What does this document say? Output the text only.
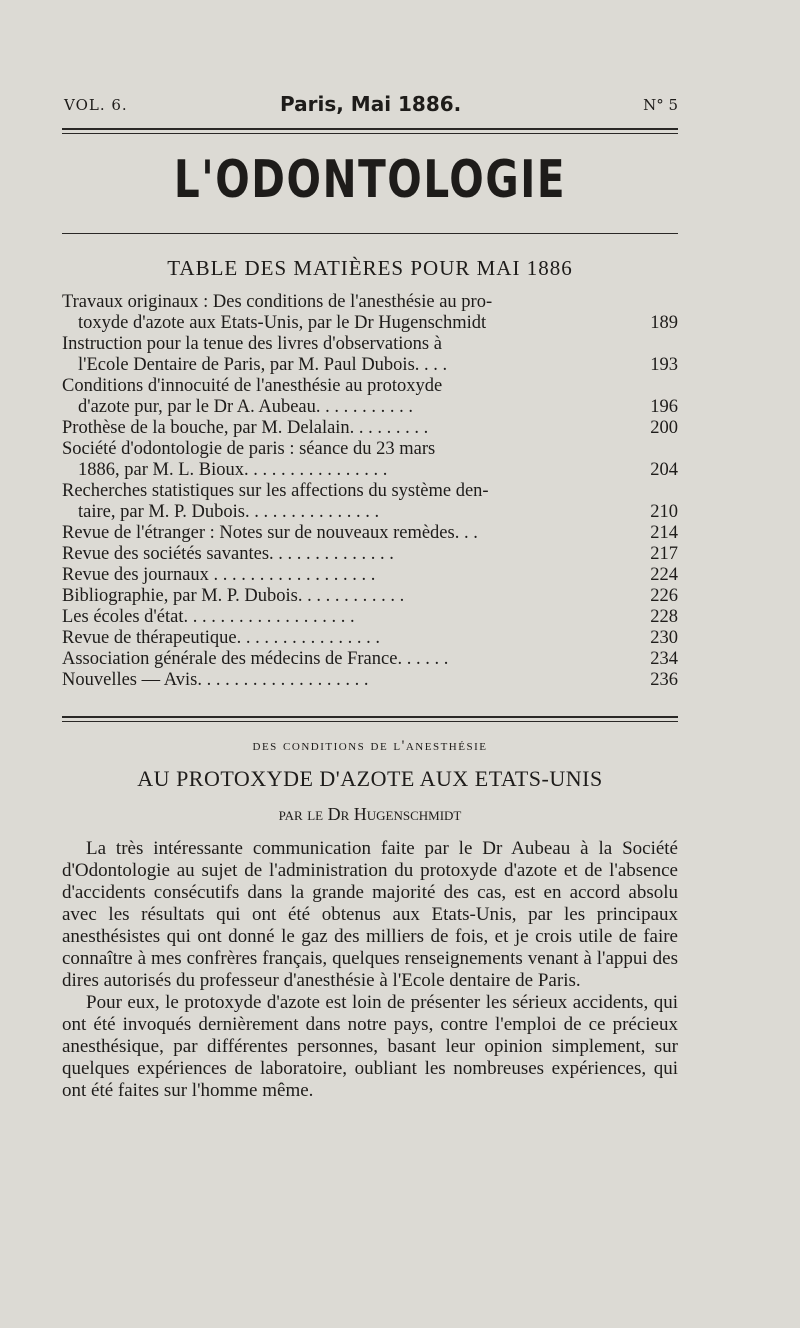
VOL. 6.	Paris, Mai 1886.	N° 5
L'ODONTOLOGIE
TABLE DES MATIÈRES POUR MAI 1886
Travaux originaux : Des conditions de l'anesthésie au pro-
toxyde d'azote aux Etats-Unis, par le Dr Hugenschmidt	189
Instruction pour la tenue des livres d'observations à
l'Ecole Dentaire de Paris, par M. Paul Dubois. . . .	193
Conditions d'innocuité de l'anesthésie au protoxyde
d'azote pur, par le Dr A. Aubeau. . . . . . . . . . .	196
Prothèse de la bouche, par M. Delalain. . . . . . . . .	200
Société d'odontologie de paris : séance du 23 mars
1886, par M. L. Bioux. . . . . . . . . . . . . . . .	204
Recherches statistiques sur les affections du système den-
taire, par M. P. Dubois. . . . . . . . . . . . . . .	210
Revue de l'étranger : Notes sur de nouveaux remèdes. . .	214
Revue des sociétés savantes. . . . . . . . . . . . . .	217
Revue des journaux . . . . . . . . . . . . . . . . . .	224
Bibliographie, par M. P. Dubois. . . . . . . . . . . .	226
Les écoles d'état. . . . . . . . . . . . . . . . . . .	228
Revue de thérapeutique. . . . . . . . . . . . . . . .	230
Association générale des médecins de France. . . . . .	234
Nouvelles — Avis. . . . . . . . . . . . . . . . . . .	236
des conditions de l'anesthésie
AU PROTOXYDE D'AZOTE AUX ETATS-UNIS
par le Dr Hugenschmidt

La très intéressante communication faite par le Dr Aubeau à la Société d'Odontologie au sujet de l'administration du protoxyde d'azote et de l'absence d'accidents consécutifs dans la grande majorité des cas, est en accord absolu avec les résultats qui ont été obtenus aux Etats-Unis, par les principaux anesthésistes qui ont donné le gaz des milliers de fois, et je crois utile de faire connaître à mes confrères français, quelques renseignements venant à l'appui des dires autorisés du professeur d'anesthésie à l'Ecole dentaire de Paris.

Pour eux, le protoxyde d'azote est loin de présenter les sérieux accidents, qui ont été invoqués dernièrement dans notre pays, contre l'emploi de ce précieux anesthésique, par différentes personnes, basant leur opinion simplement, sur quelques expériences de laboratoire, oubliant les nombreuses expériences, qui ont été faites sur l'homme même.
